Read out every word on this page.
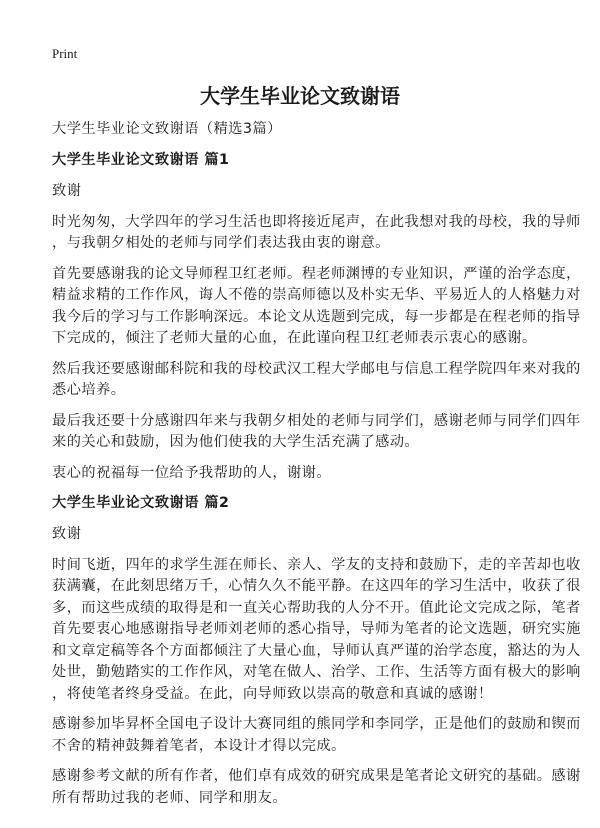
Print
大学生毕业论文致谢语
大学生毕业论文致谢语（精选3篇）
大学生毕业论文致谢语 篇1
致谢
时光匆匆，大学四年的学习生活也即将接近尾声，在此我想对我的母校，我的导师
，与我朝夕相处的老师与同学们表达我由衷的谢意。
首先要感谢我的论文导师程卫红老师。程老师渊博的专业知识，严谨的治学态度，
精益求精的工作作风，诲人不倦的崇高师德以及朴实无华、平易近人的人格魅力对
我今后的学习与工作影响深远。本论文从选题到完成，每一步都是在程老师的指导
下完成的，倾注了老师大量的心血，在此谨向程卫红老师表示衷心的感谢。
然后我还要感谢邮科院和我的母校武汉工程大学邮电与信息工程学院四年来对我的
悉心培养。
最后我还要十分感谢四年来与我朝夕相处的老师与同学们，感谢老师与同学们四年
来的关心和鼓励，因为他们使我的大学生活充满了感动。
衷心的祝福每一位给予我帮助的人，谢谢。
大学生毕业论文致谢语 篇2
致谢
时间飞逝，四年的求学生涯在师长、亲人、学友的支持和鼓励下，走的辛苦却也收
获满囊，在此刻思绪万千，心情久久不能平静。在这四年的学习生活中，收获了很
多，而这些成绩的取得是和一直关心帮助我的人分不开。值此论文完成之际，笔者
首先要衷心地感谢指导老师刘老师的悉心指导，导师为笔者的论文选题，研究实施
和文章定稿等各个方面都倾注了大量心血，导师认真严谨的治学态度，豁达的为人
处世，勤勉踏实的工作作风，对笔在做人、治学、工作、生活等方面有极大的影响
，将使笔者终身受益。在此，向导师致以崇高的敬意和真诚的感谢！
感谢参加毕昇杯全国电子设计大赛同组的熊同学和李同学，正是他们的鼓励和锲而
不舍的精神鼓舞着笔者，本设计才得以完成。
感谢参考文献的所有作者，他们卓有成效的研究成果是笔者论文研究的基础。感谢
所有帮助过我的老师、同学和朋友。
